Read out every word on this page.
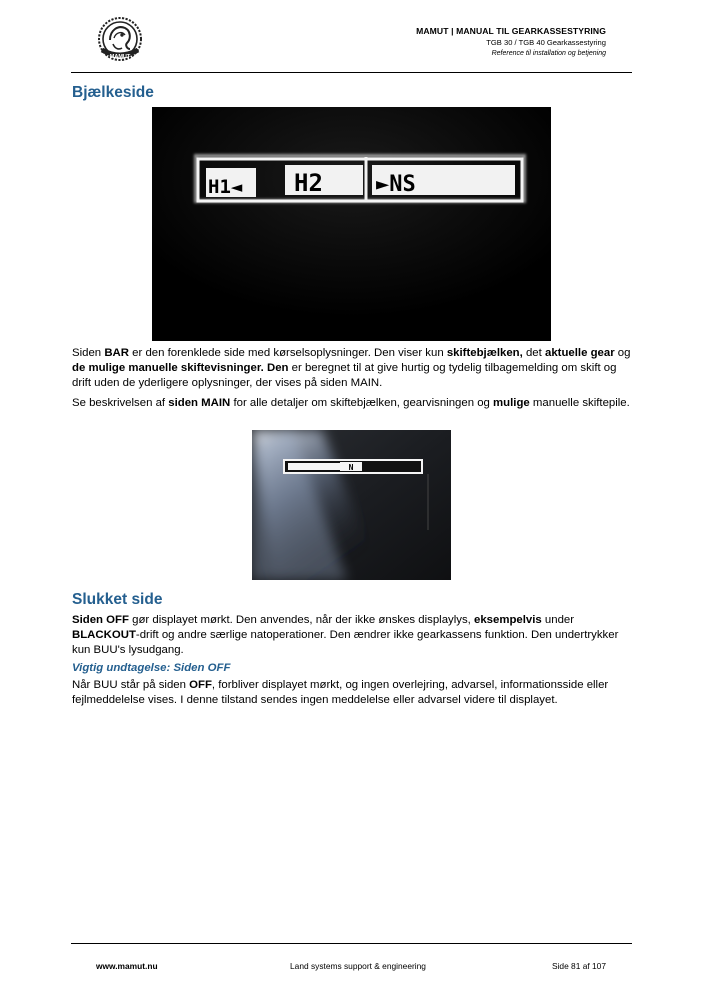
MAMUT
MAMUT | MANUAL TIL GEARKASSESTYRING
TGB 30 / TGB 40 Gearkassestyring
Reference til installation og betjening
Bjælkeside
H1◄ H2 ►NS

Siden BAR er den forenklede side med kørselsoplysninger. Den viser kun skiftebjælken, det aktuelle gear og de mulige manuelle skiftevisninger. Den er beregnet til at give hurtig og tydelig tilbagemelding om skift og drift uden de yderligere oplysninger, der vises på siden MAIN.

Se beskrivelsen af siden MAIN for alle detaljer om skiftebjælken, gearvisningen og mulige manuelle skiftepile.

N
Slukket side

Siden OFF gør displayet mørkt. Den anvendes, når der ikke ønskes displaylys, eksempelvis under BLACKOUT-drift og andre særlige natoperationer. Den ændrer ikke gearkassens funktion. Den undertrykker kun BUU's lysudgang.

Vigtig undtagelse: Siden OFF

Når BUU står på siden OFF, forbliver displayet mørkt, og ingen overlejring, advarsel, informationsside eller fejlmeddelelse vises. I denne tilstand sendes ingen meddelelse eller advarsel videre til displayet.

www.mamut.nu	Land systems support & engineering	Side 81 af 107
